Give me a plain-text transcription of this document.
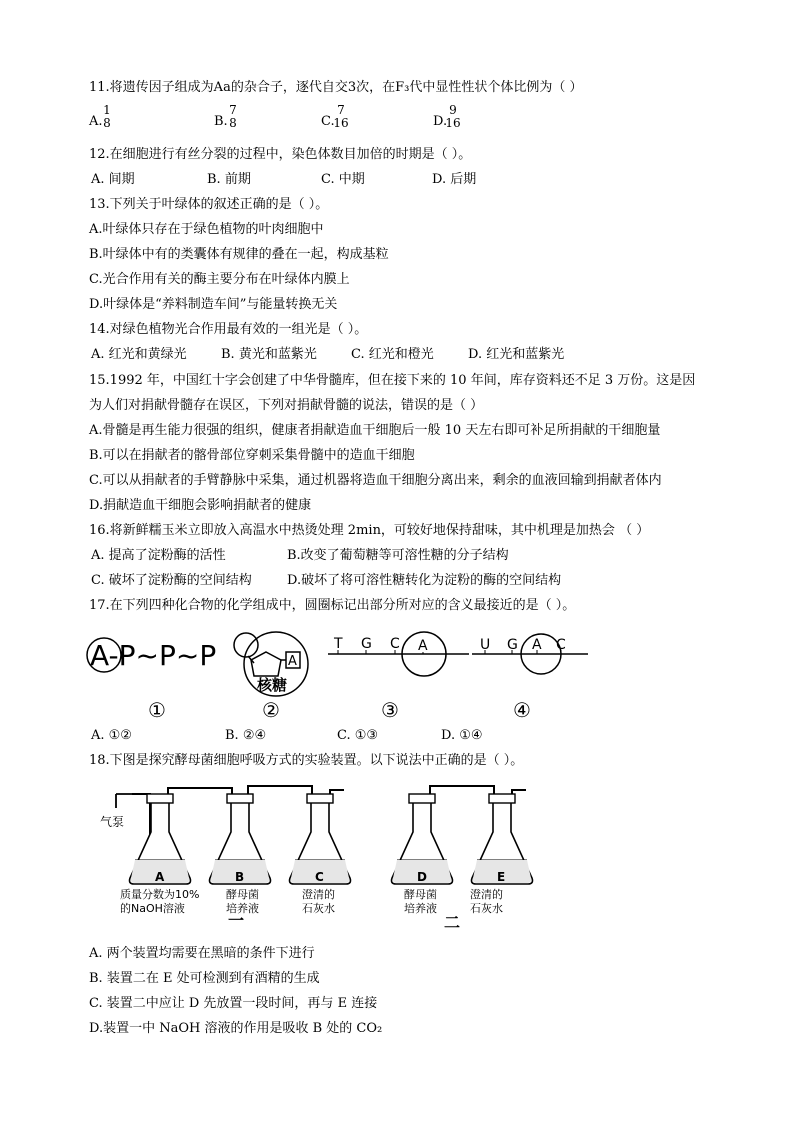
11.将遗传因子组成为Aa的杂合子，逐代自交3次，在F₃代中显性性状个体比例为（ ）
A.
1
8	B.
7
8	C.
7
16	D.
9
16
12.在细胞进行有丝分裂的过程中，染色体数目加倍的时期是（ ）。
A. 间期	B. 前期	C. 中期	D. 后期
13.下列关于叶绿体的叙述正确的是（ ）。
A.叶绿体只存在于绿色植物的叶肉细胞中
B.叶绿体中有的类囊体有规律的叠在一起，构成基粒
C.光合作用有关的酶主要分布在叶绿体内膜上
D.叶绿体是“养料制造车间”与能量转换无关
14.对绿色植物光合作用最有效的一组光是（ ）。
A. 红光和黄绿光	B. 黄光和蓝紫光	C. 红光和橙光	D. 红光和蓝紫光
15.1992 年，中国红十字会创建了中华骨髓库，但在接下来的 10 年间，库存资料还不足 3 万份。这是因
为人们对捐献骨髓存在误区，下列对捐献骨髓的说法，错误的是（ ）
A.骨髓是再生能力很强的组织，健康者捐献造血干细胞后一般 10 天左右即可补足所捐献的干细胞量
B.可以在捐献者的髂骨部位穿刺采集骨髓中的造血干细胞
C.可以从捐献者的手臂静脉中采集，通过机器将造血干细胞分离出来，剩余的血液回输到捐献者体内
D.捐献造血干细胞会影响捐献者的健康
16.将新鲜糯玉米立即放入高温水中热烫处理 2min，可较好地保持甜味，其中机理是加热会 （ ）
A. 提高了淀粉酶的活性	B.改变了葡萄糖等可溶性糖的分子结构
C. 破坏了淀粉酶的空间结构	D.破坏了将可溶性糖转化为淀粉的酶的空间结构
17.在下列四种化合物的化学组成中，圆圈标记出部分所对应的含义最接近的是（ ）。
A-P~P~P	A
核糖
T G C A	U G A C
①	②	③	④
A. ①②	B. ②④	C. ①③	D. ①④
18.下图是探究酵母菌细胞呼吸方式的实验装置。以下说法中正确的是（ ）。
气泵
A	B	C	D	E
质量分数为10%
的NaOH溶液
酵母菌
培养液
澄清的
石灰水
酵母菌
培养液
澄清的
石灰水
一	二
A. 两个装置均需要在黑暗的条件下进行
B. 装置二在 E 处可检测到有酒精的生成
C. 装置二中应让 D 先放置一段时间，再与 E 连接
D.装置一中 NaOH 溶液的作用是吸收 B 处的 CO₂
